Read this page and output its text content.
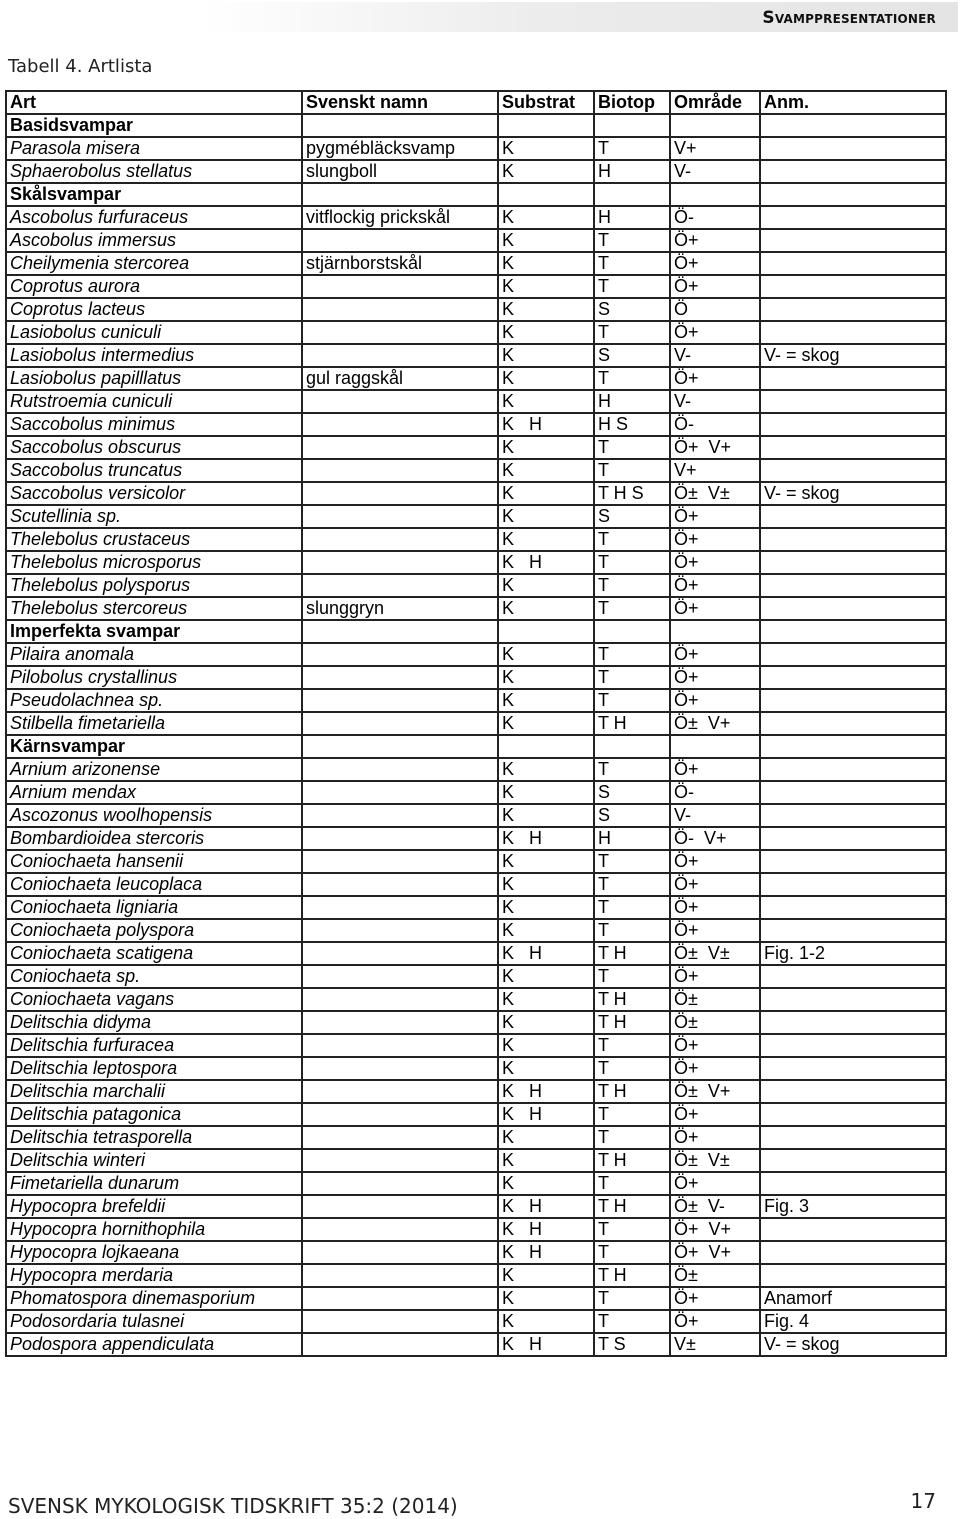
Svamppresentationer
Tabell 4. Artlista
Art	Svenskt namn	Substrat	Biotop	Område	Anm.
Basidsvampar					
Parasola misera	pygmébläcksvamp	K	T	V+	
Sphaerobolus stellatus	slungboll	K	H	V-	
Skålsvampar					
Ascobolus furfuraceus	vitflockig prickskål	K	H	Ö-	
Ascobolus immersus		K	T	Ö+	
Cheilymenia stercorea	stjärnborstskål	K	T	Ö+	
Coprotus aurora		K	T	Ö+	
Coprotus lacteus		K	S	Ö	
Lasiobolus cuniculi		K	T	Ö+	
Lasiobolus intermedius		K	S	V-	V- = skog
Lasiobolus papilllatus	gul raggskål	K	T	Ö+	
Rutstroemia cuniculi		K	H	V-	
Saccobolus minimus		K   H	H S	Ö-	
Saccobolus obscurus		K	T	Ö+  V+	
Saccobolus truncatus		K	T	V+	
Saccobolus versicolor		K	T H S	Ö±  V±	V- = skog
Scutellinia sp.		K	S	Ö+	
Thelebolus crustaceus		K	T	Ö+	
Thelebolus microsporus		K   H	T	Ö+	
Thelebolus polysporus		K	T	Ö+	
Thelebolus stercoreus	slunggryn	K	T	Ö+	
Imperfekta svampar					
Pilaira anomala		K	T	Ö+	
Pilobolus crystallinus		K	T	Ö+	
Pseudolachnea sp.		K	T	Ö+	
Stilbella fimetariella		K	T H	Ö±  V+	
Kärnsvampar					
Arnium arizonense		K	T	Ö+	
Arnium mendax		K	S	Ö-	
Ascozonus woolhopensis		K	S	V-	
Bombardioidea stercoris		K   H	H	Ö-  V+	
Coniochaeta hansenii		K	T	Ö+	
Coniochaeta leucoplaca		K	T	Ö+	
Coniochaeta ligniaria		K	T	Ö+	
Coniochaeta polyspora		K	T	Ö+	
Coniochaeta scatigena		K   H	T H	Ö±  V±	Fig. 1-2
Coniochaeta sp.		K	T	Ö+	
Coniochaeta vagans		K	T H	Ö±	
Delitschia didyma		K	T H	Ö±	
Delitschia furfuracea		K	T	Ö+	
Delitschia leptospora		K	T	Ö+	
Delitschia marchalii		K   H	T H	Ö±  V+	
Delitschia patagonica		K   H	T	Ö+	
Delitschia tetrasporella		K	T	Ö+	
Delitschia winteri		K	T H	Ö±  V±	
Fimetariella dunarum		K	T	Ö+	
Hypocopra brefeldii		K   H	T H	Ö±  V-	Fig. 3
Hypocopra hornithophila		K   H	T	Ö+  V+	
Hypocopra lojkaeana		K   H	T	Ö+  V+	
Hypocopra merdaria		K	T H	Ö±	
Phomatospora dinemasporium		K	T	Ö+	Anamorf
Podosordaria tulasnei		K	T	Ö+	Fig. 4
Podospora appendiculata		K   H	T S	V±	V- = skog
SVENSK MYKOLOGISK TIDSKRIFT 35:2 (2014)	17
